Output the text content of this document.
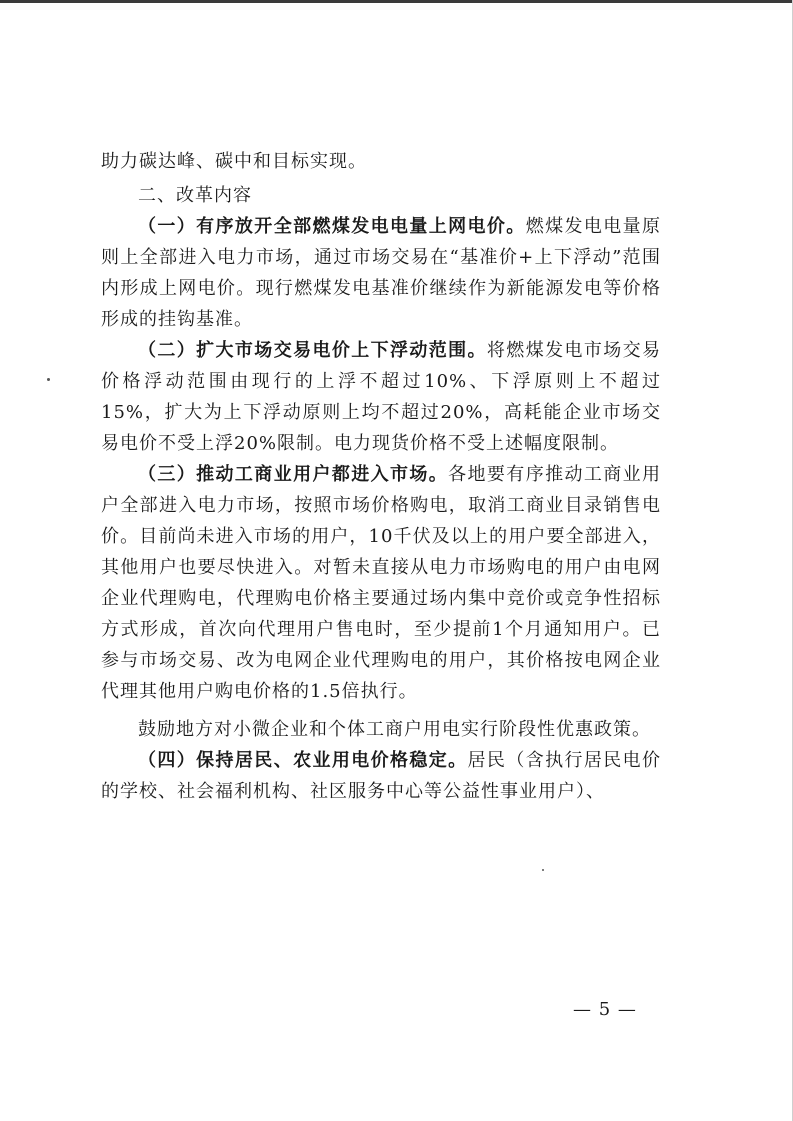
助力碳达峰、碳中和目标实现。

二、改革内容

（一）有序放开全部燃煤发电电量上网电价。燃煤发电电量原则上全部进入电力市场，通过市场交易在“基准价+上下浮动”范围内形成上网电价。现行燃煤发电基准价继续作为新能源发电等价格形成的挂钩基准。

（二）扩大市场交易电价上下浮动范围。将燃煤发电市场交易价格浮动范围由现行的上浮不超过10%、下浮原则上不超过15%，扩大为上下浮动原则上均不超过20%，高耗能企业市场交易电价不受上浮20%限制。电力现货价格不受上述幅度限制。

（三）推动工商业用户都进入市场。各地要有序推动工商业用户全部进入电力市场，按照市场价格购电，取消工商业目录销售电价。目前尚未进入市场的用户，10千伏及以上的用户要全部进入，其他用户也要尽快进入。对暂未直接从电力市场购电的用户由电网企业代理购电，代理购电价格主要通过场内集中竞价或竞争性招标方式形成，首次向代理用户售电时，至少提前1个月通知用户。已参与市场交易、改为电网企业代理购电的用户，其价格按电网企业代理其他用户购电价格的1.5倍执行。

鼓励地方对小微企业和个体工商户用电实行阶段性优惠政策。

（四）保持居民、农业用电价格稳定。居民（含执行居民电价的学校、社会福利机构、社区服务中心等公益性事业用户）、

— 5 —
